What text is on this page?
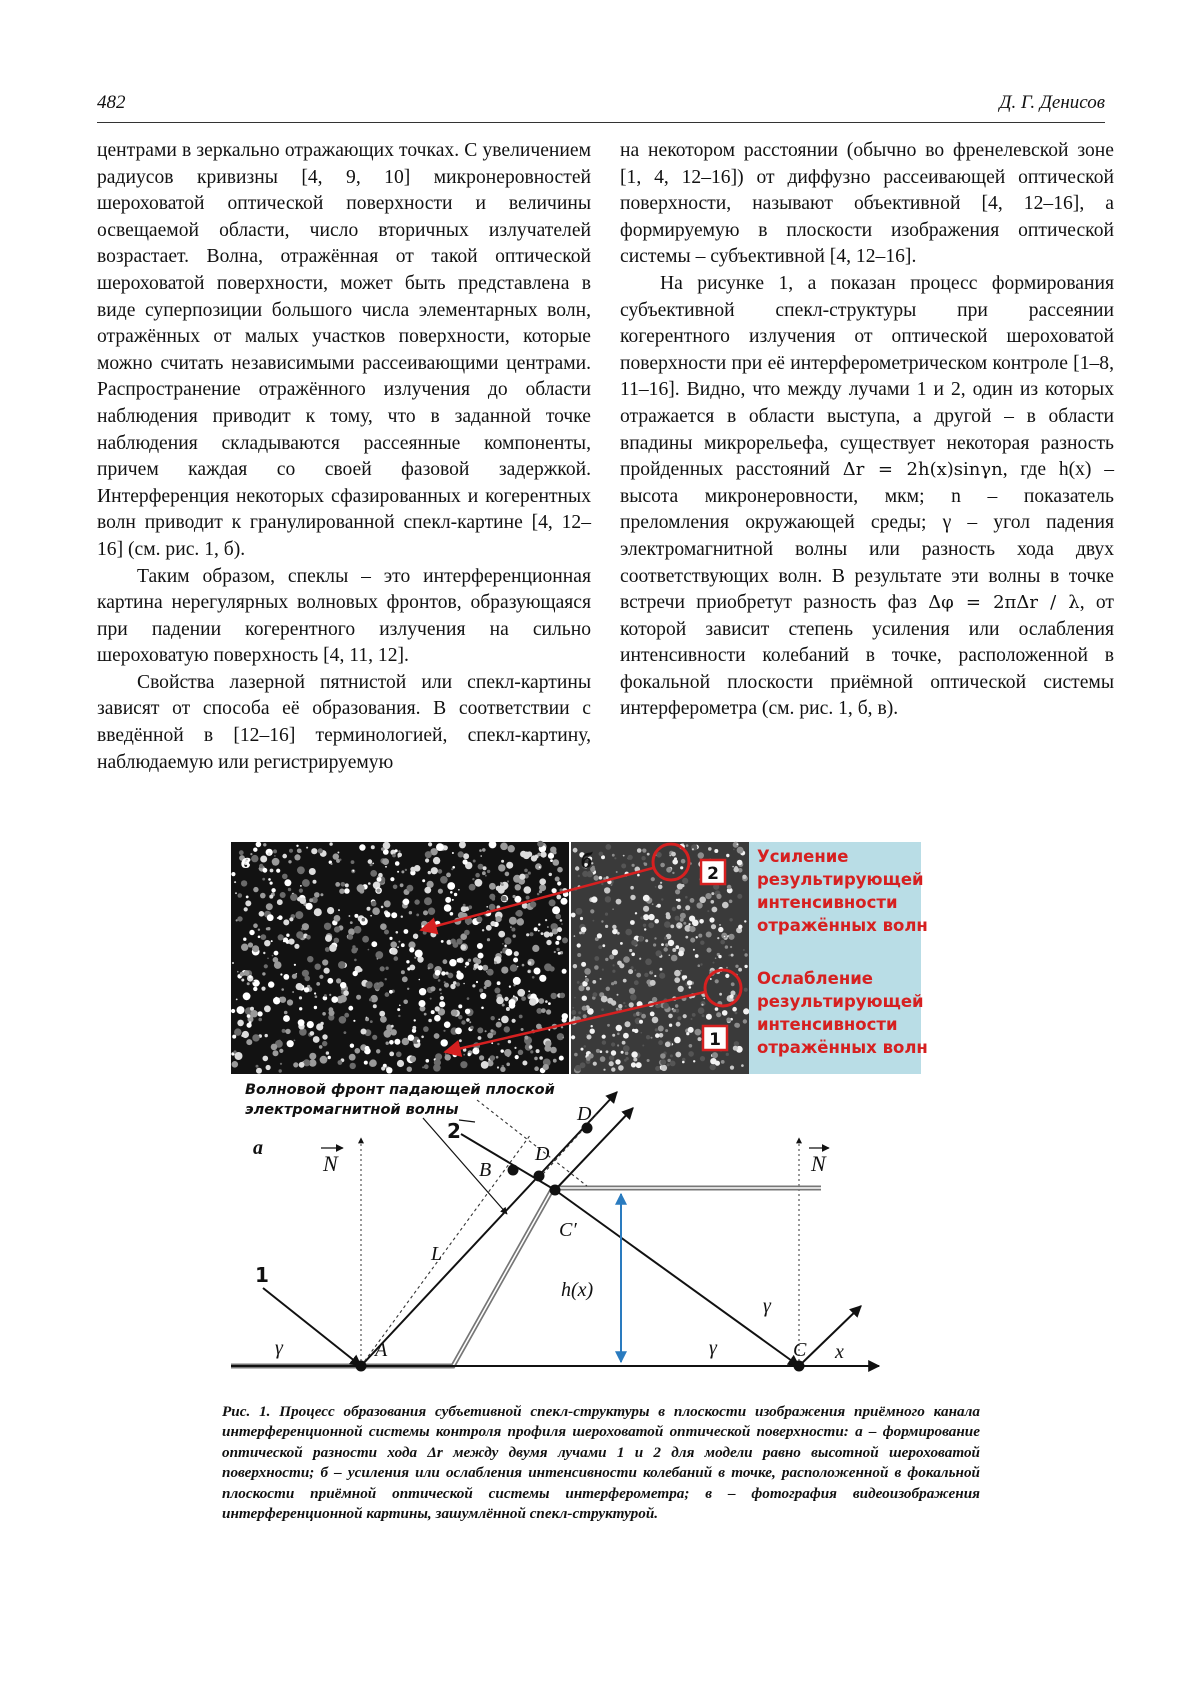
482	Д. Г. Денисов

центрами в зеркально отражающих точках. С увеличением радиусов кривизны [4, 9, 10] микронеровностей шероховатой оптической поверхности и величины освещаемой области, число вторичных излучателей возрастает. Волна, отражённая от такой оптической шероховатой поверхности, может быть представлена в виде суперпозиции большого числа элементарных волн, отражённых от малых участков поверхности, которые можно считать независимыми рассеивающими центрами. Распространение отражённого излучения до области наблюдения приводит к тому, что в заданной точке наблюдения складываются рассеянные компоненты, причем каждая со своей фазовой задержкой. Интерференция некоторых сфазированных и когерентных волн приводит к гранулированной спекл-картине [4, 12–16] (см. рис. 1, б).

Таким образом, спеклы – это интерференционная картина нерегулярных волновых фронтов, образующаяся при падении когерентного излучения на сильно шероховатую поверхность [4, 11, 12].

Свойства лазерной пятнистой или спекл-картины зависят от способа её образования. В соответствии с введённой в [12–16] терминологией, спекл-картину, наблюдаемую или регистрируемую

на некотором расстоянии (обычно во френелевской зоне [1, 4, 12–16]) от диффузно рассеивающей оптической поверхности, называют объективной [4, 12–16], а формируемую в плоскости изображения оптической системы – субъективной [4, 12–16].

На рисунке 1, а показан процесс формирования субъективной спекл-структуры при рассеянии когерентного излучения от оптической шероховатой поверхности при её интерферометрическом контроле [1–8, 11–16]. Видно, что между лучами 1 и 2, один из которых отражается в области выступа, а другой – в области впадины микрорельефа, существует некоторая разность пройденных расстояний Δr = 2h(x)sinγn, где h(x) – высота микронеровности, мкм; n – показатель преломления окружающей среды; γ – угол падения электромагнитной волны или разность хода двух соответствующих волн. В результате эти волны в точке встречи приобретут разность фаз Δφ = 2πΔr / λ, от которой зависит степень усиления или ослабления интенсивности колебаний в точке, расположенной в фокальной плоскости приёмной оптической системы интерферометра (см. рис. 1, б, в).

в	б	Усиление результирующей интенсивности отражённых волн
Ослабление результирующей интенсивности отражённых волн
2
1
Волновой фронт падающей плоской электромагнитной волны
а
N	N
x
1
2
h(x)
A
B
D
D
C′
C
L
γ	γ
γ

Рис. 1. Процесс образования субъетивной спекл-структуры в плоскости изображения приёмного канала интерференционной системы контроля профиля шероховатой оптической поверхности: а – формирование оптической разности хода Δr между двумя лучами 1 и 2 для модели равно высотной шероховатой поверхности; б – усиления или ослабления интенсивности колебаний в точке, расположенной в фокальной плоскости приёмной оптической системы интерферометра; в – фотография видеоизображения интерференционной картины, зашумлённой спекл-структурой.
